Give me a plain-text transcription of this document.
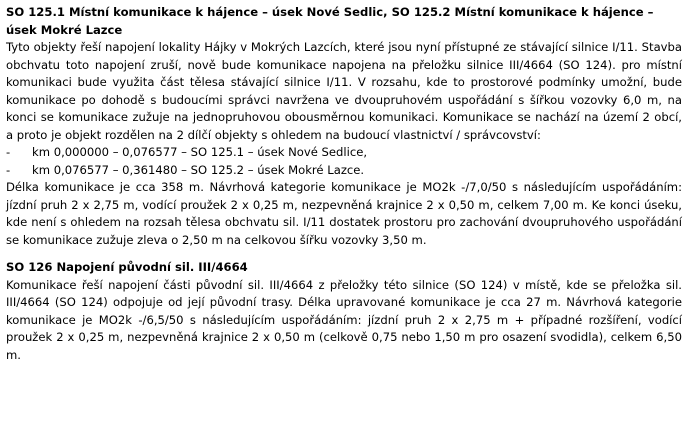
SO 125.1 Místní komunikace k hájence – úsek Nové Sedlic, SO 125.2 Místní komunikace k hájence – úsek Mokré Lazce

Tyto objekty řeší napojení lokality Hájky v Mokrých Lazcích, které jsou nyní přístupné ze stávající silnice I/11. Stavba obchvatu toto napojení zruší, nově bude komunikace napojena na přeložku silnice III/4664 (SO 124). pro místní komunikaci bude využita část tělesa stávající silnice I/11. V rozsahu, kde to prostorové podmínky umožní, bude komunikace po dohodě s budoucími správci navržena ve dvoupruhovém uspořádání s šířkou vozovky 6,0 m, na konci se komunikace zužuje na jednopruhovou obousměrnou komunikaci. Komunikace se nachází na území 2 obcí, a proto je objekt rozdělen na 2 dílčí objekty s ohledem na budoucí vlastnictví / správcovství:

-	km 0,000000 – 0,076577 – SO 125.1 – úsek Nové Sedlice,
-	km 0,076577 – 0,361480 – SO 125.2 – úsek Mokré Lazce.

Délka komunikace je cca 358 m. Návrhová kategorie komunikace je MO2k -/7,0/50 s následujícím uspořádáním: jízdní pruh 2 x 2,75 m, vodící proužek 2 x 0,25 m, nezpevněná krajnice 2 x 0,50 m, celkem 7,00 m. Ke konci úseku, kde není s ohledem na rozsah tělesa obchvatu sil. I/11 dostatek prostoru pro zachování dvoupruhového uspořádání se komunikace zužuje zleva o 2,50 m na celkovou šířku vozovky 3,50 m.

SO 126 Napojení původní sil. III/4664

Komunikace řeší napojení části původní sil. III/4664 z přeložky této silnice (SO 124) v místě, kde se přeložka sil. III/4664 (SO 124) odpojuje od její původní trasy. Délka upravované komunikace je cca 27 m. Návrhová kategorie komunikace je MO2k -/6,5/50 s následujícím uspořádáním: jízdní pruh 2 x 2,75 m + případné rozšíření, vodící proužek 2 x 0,25 m, nezpevněná krajnice 2 x 0,50 m (celkově 0,75 nebo 1,50 m pro osazení svodidla), celkem 6,50 m.
